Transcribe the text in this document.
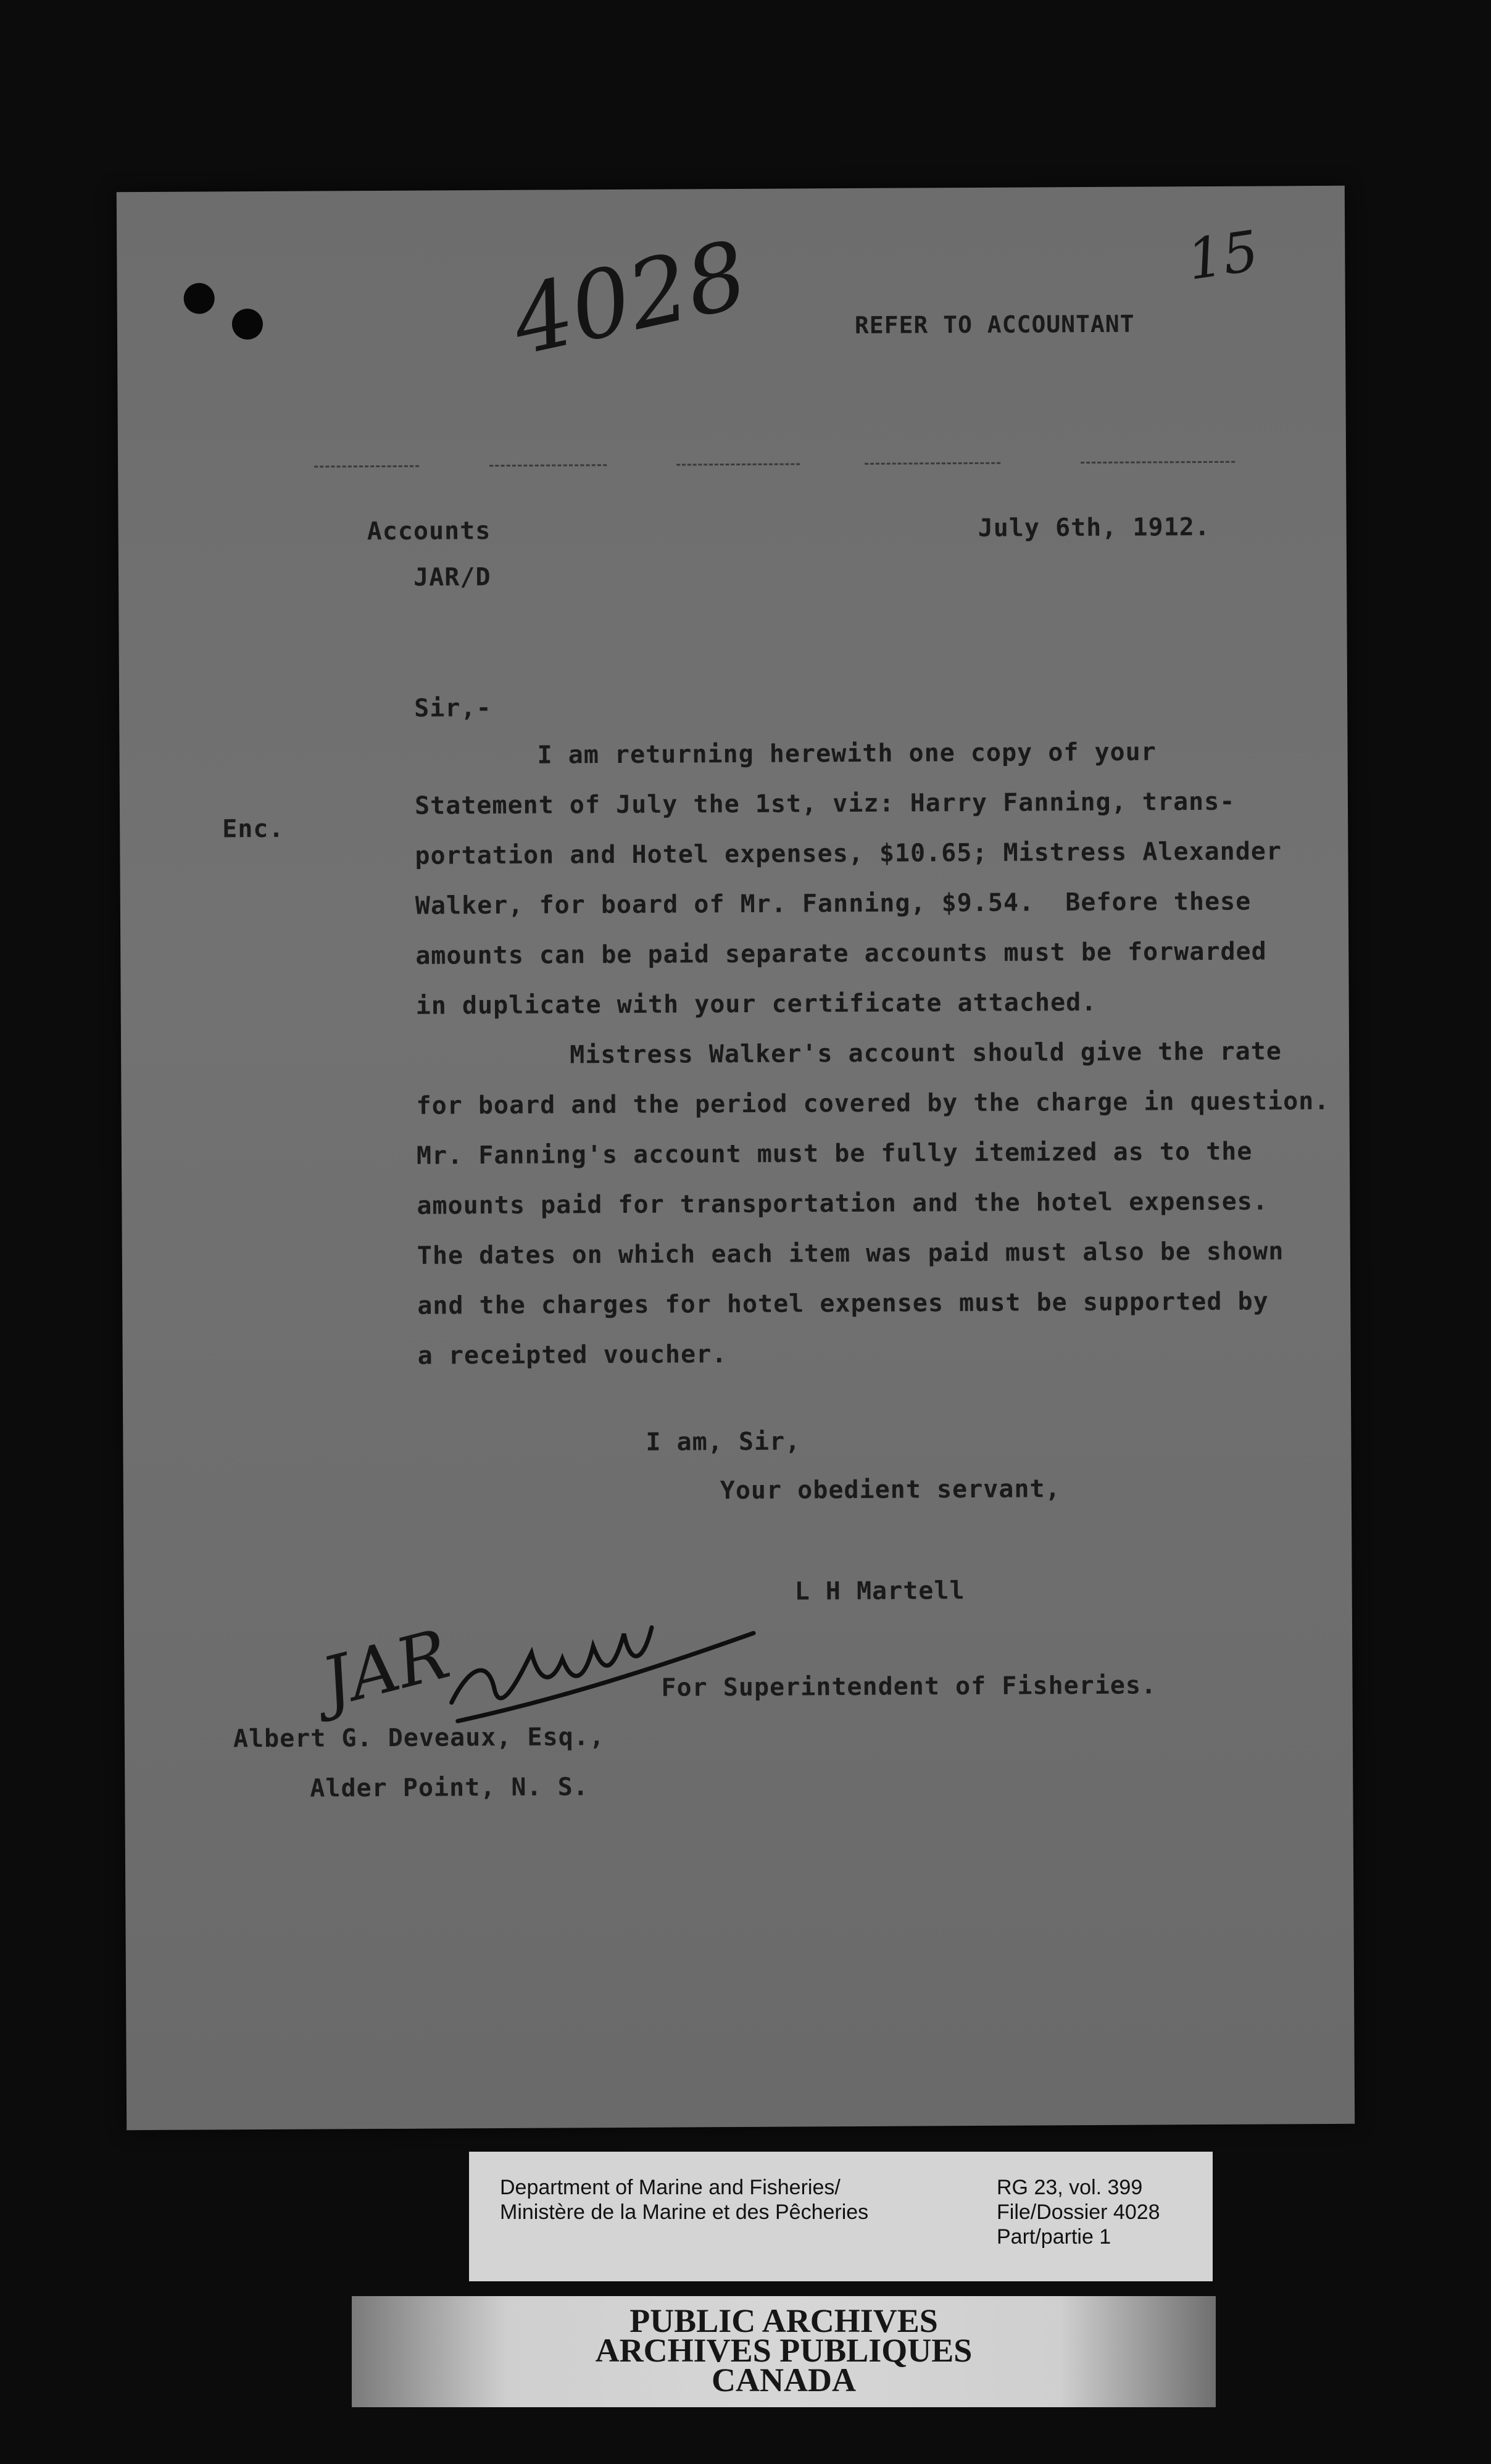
4028	15
REFER TO ACCOUNTANT
Accounts
JAR/D
July 6th, 1912.
Sir,-
Enc.
I am returning herewith one copy of your
Statement of July the 1st, viz: Harry Fanning, trans-
portation and Hotel expenses, $10.65; Mistress Alexander
Walker, for board of Mr. Fanning, $9.54.  Before these
amounts can be paid separate accounts must be forwarded
in duplicate with your certificate attached.
Mistress Walker's account should give the rate
for board and the period covered by the charge in question.
Mr. Fanning's account must be fully itemized as to the
amounts paid for transportation and the hotel expenses.
The dates on which each item was paid must also be shown
and the charges for hotel expenses must be supported by
a receipted voucher.
I am, Sir,
Your obedient servant,
L H Martell
For Superintendent of Fisheries.
JAR
Albert G. Deveaux, Esq.,
Alder Point, N. S.
Department of Marine and Fisheries/
Ministère de la Marine et des Pêcheries
RG 23, vol. 399
File/Dossier 4028
Part/partie 1
PUBLIC ARCHIVES
ARCHIVES PUBLIQUES
CANADA
